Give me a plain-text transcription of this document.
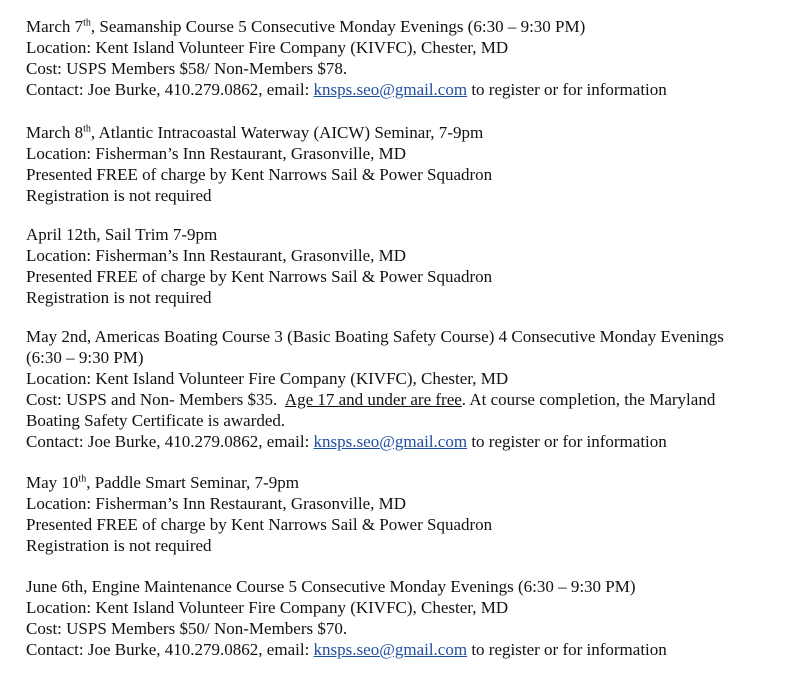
March 7th, Seamanship Course 5 Consecutive Monday Evenings (6:30 – 9:30 PM)
Location: Kent Island Volunteer Fire Company (KIVFC), Chester, MD
Cost: USPS Members $58/ Non-Members $78.
Contact: Joe Burke, 410.279.0862, email: knsps.seo@gmail.com to register or for information
March 8th, Atlantic Intracoastal Waterway (AICW) Seminar, 7-9pm
Location: Fisherman’s Inn Restaurant, Grasonville, MD
Presented FREE of charge by Kent Narrows Sail & Power Squadron
Registration is not required
April 12th, Sail Trim 7-9pm
Location: Fisherman’s Inn Restaurant, Grasonville, MD
Presented FREE of charge by Kent Narrows Sail & Power Squadron
Registration is not required
May 2nd, Americas Boating Course 3 (Basic Boating Safety Course) 4 Consecutive Monday Evenings
(6:30 – 9:30 PM)
Location: Kent Island Volunteer Fire Company (KIVFC), Chester, MD
Cost: USPS and Non- Members $35.  Age 17 and under are free. At course completion, the Maryland
Boating Safety Certificate is awarded.
Contact: Joe Burke, 410.279.0862, email: knsps.seo@gmail.com to register or for information
May 10th, Paddle Smart Seminar, 7-9pm
Location: Fisherman’s Inn Restaurant, Grasonville, MD
Presented FREE of charge by Kent Narrows Sail & Power Squadron
Registration is not required
June 6th, Engine Maintenance Course 5 Consecutive Monday Evenings (6:30 – 9:30 PM)
Location: Kent Island Volunteer Fire Company (KIVFC), Chester, MD
Cost: USPS Members $50/ Non-Members $70.
Contact: Joe Burke, 410.279.0862, email: knsps.seo@gmail.com to register or for information
